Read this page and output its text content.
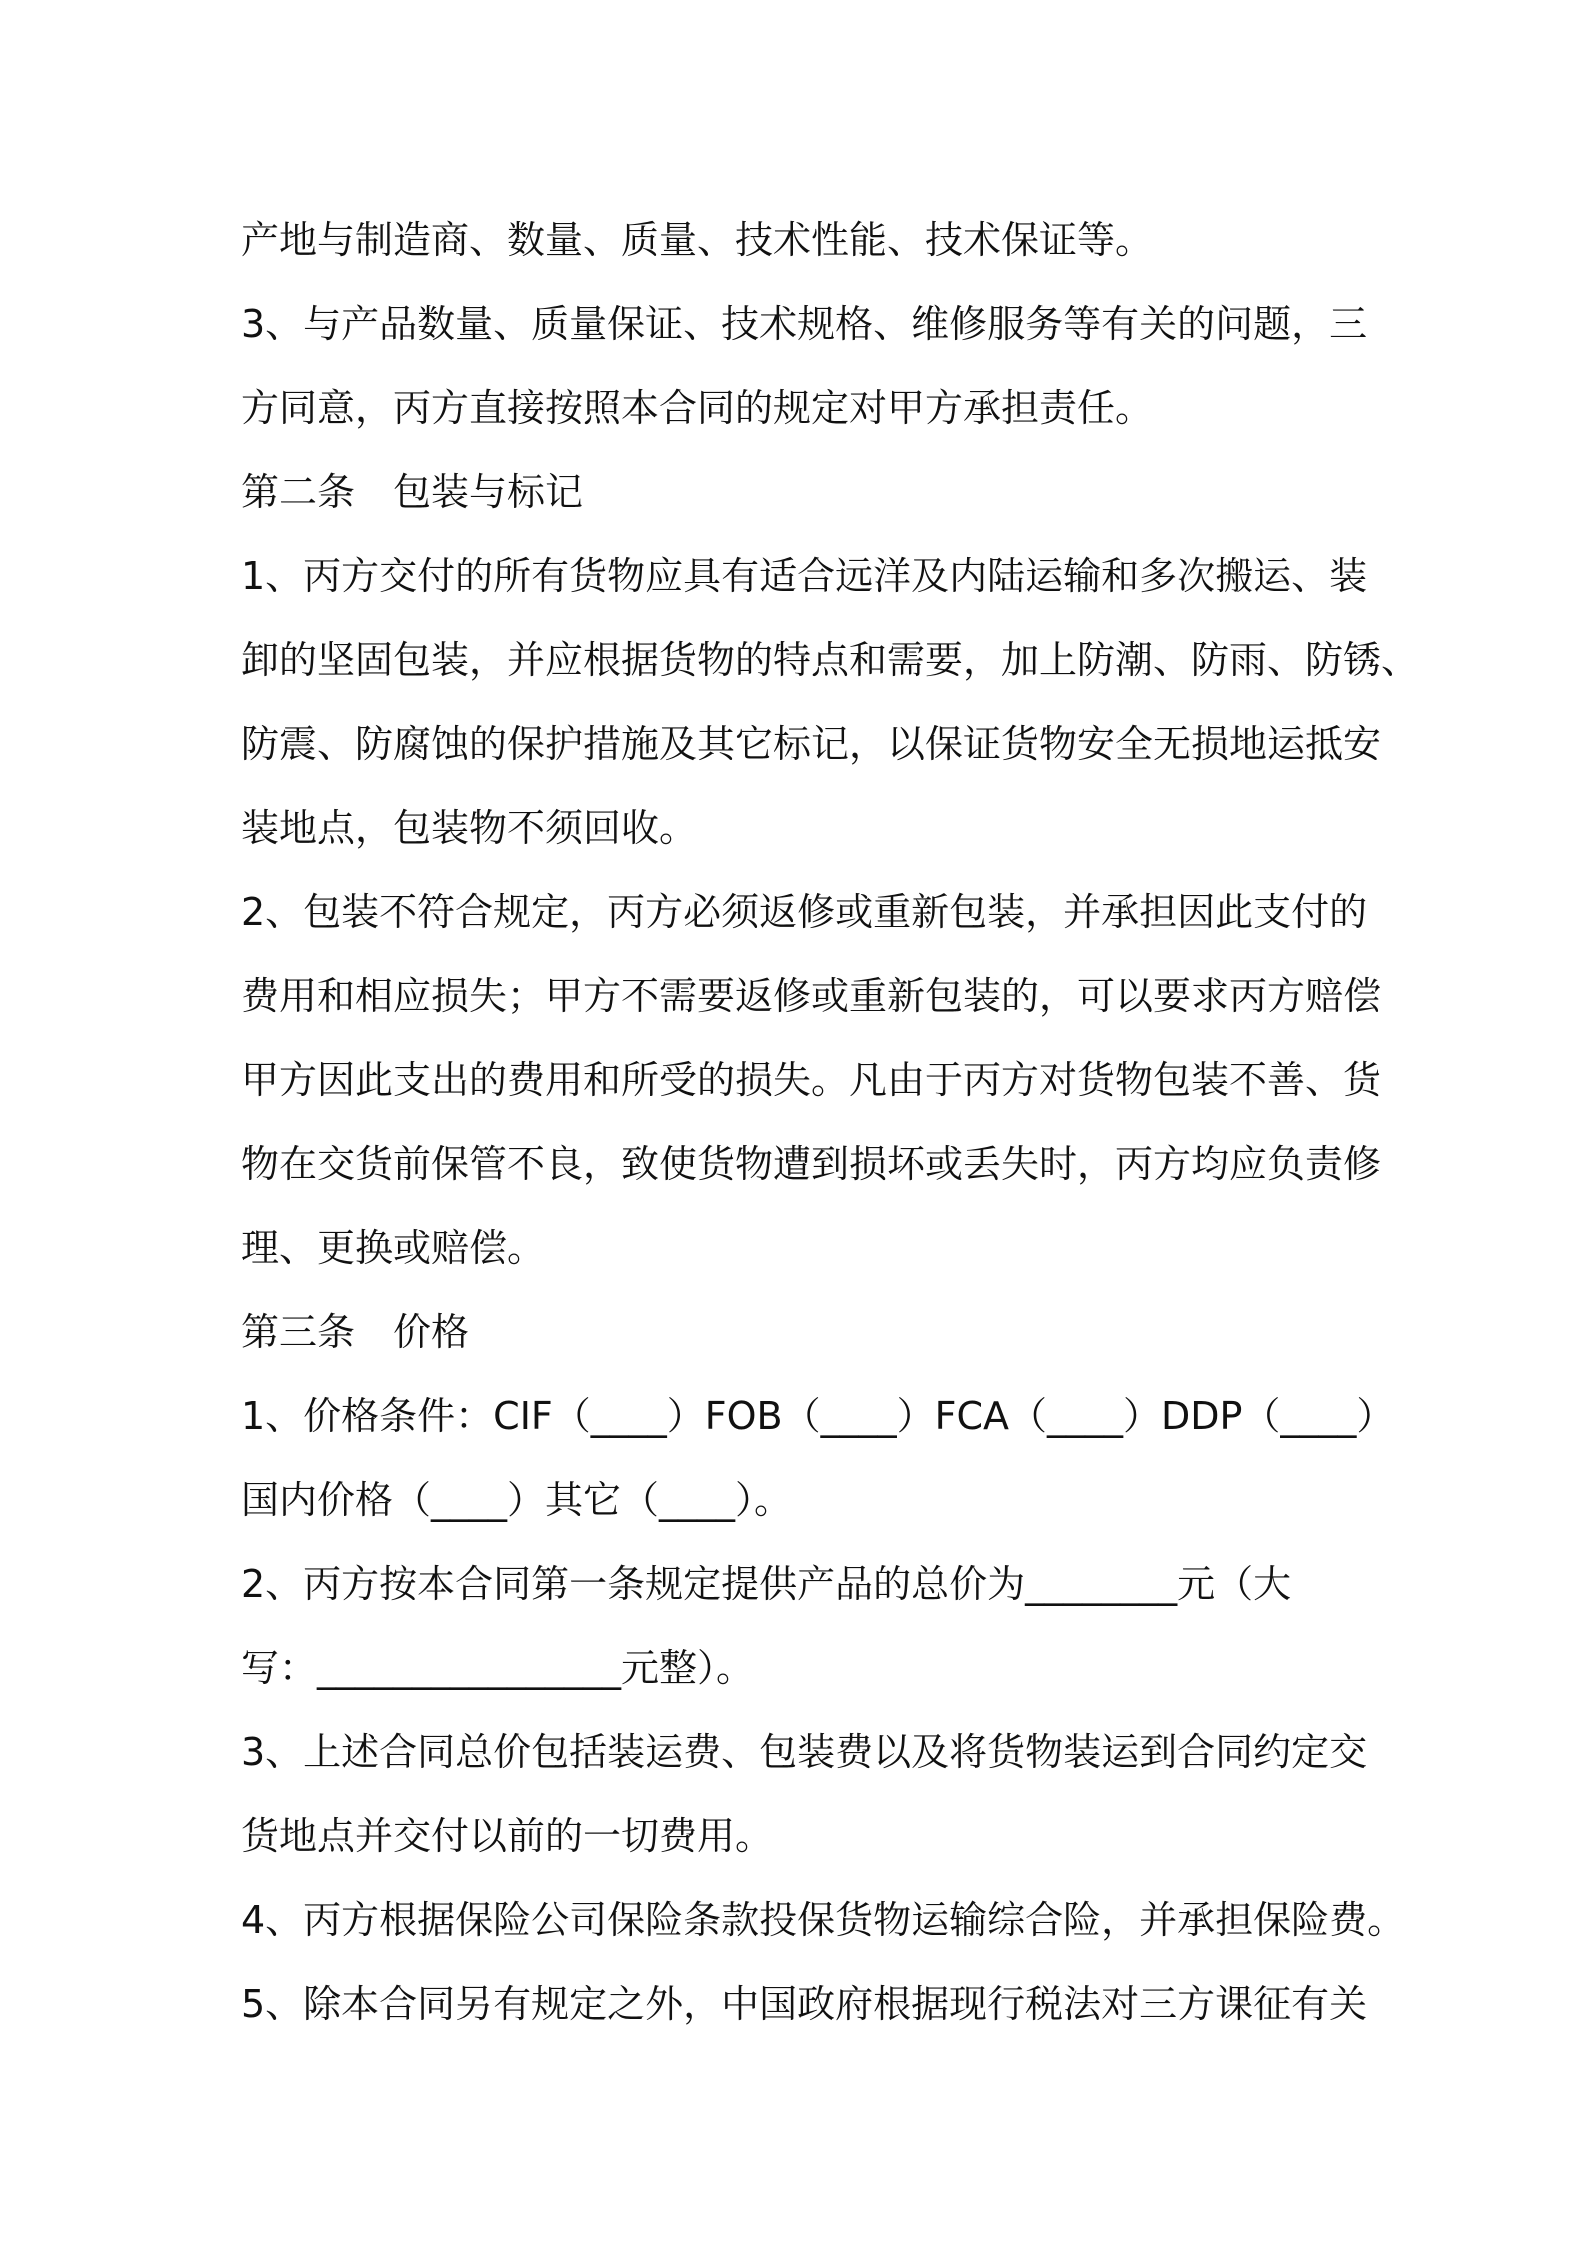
产地与制造商、数量、质量、技术性能、技术保证等。
3、与产品数量、质量保证、技术规格、维修服务等有关的问题，三
方同意，丙方直接按照本合同的规定对甲方承担责任。
第二条　包装与标记
1、丙方交付的所有货物应具有适合远洋及内陆运输和多次搬运、装
卸的坚固包装，并应根据货物的特点和需要，加上防潮、防雨、防锈、
防震、防腐蚀的保护措施及其它标记，以保证货物安全无损地运抵安
装地点，包装物不须回收。
2、包装不符合规定，丙方必须返修或重新包装，并承担因此支付的
费用和相应损失；甲方不需要返修或重新包装的，可以要求丙方赔偿
甲方因此支出的费用和所受的损失。凡由于丙方对货物包装不善、货
物在交货前保管不良，致使货物遭到损坏或丢失时，丙方均应负责修
理、更换或赔偿。
第三条　价格
1、价格条件：CIF（____）FOB（____）FCA（____）DDP（____）
国内价格（____）其它（____）。
2、丙方按本合同第一条规定提供产品的总价为________元（大
写：________________元整）。
3、上述合同总价包括装运费、包装费以及将货物装运到合同约定交
货地点并交付以前的一切费用。
4、丙方根据保险公司保险条款投保货物运输综合险，并承担保险费。
5、除本合同另有规定之外，中国政府根据现行税法对三方课征有关
